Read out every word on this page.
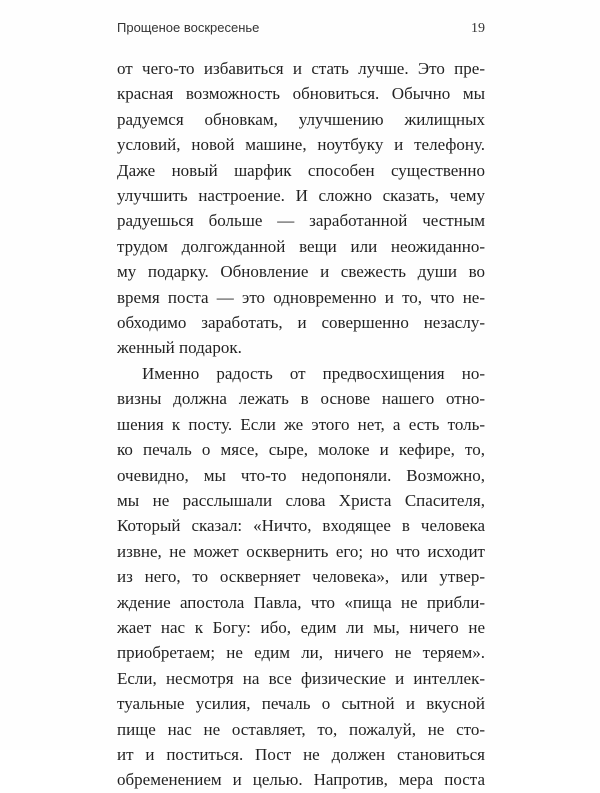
Прощеное воскресенье	19
от чего-то избавиться и стать лучше. Это пре-
красная возможность обновиться. Обычно мы
радуемся обновкам, улучшению жилищных
условий, новой машине, ноутбуку и телефону.
Даже новый шарфик способен существенно
улучшить настроение. И сложно сказать, чему
радуешься больше — заработанной честным
трудом долгожданной вещи или неожиданно-
му подарку. Обновление и свежесть души во
время поста — это одновременно и то, что не-
обходимо заработать, и совершенно незаслу-
женный подарок.
Именно радость от предвосхищения но-
визны должна лежать в основе нашего отно-
шения к посту. Если же этого нет, а есть толь-
ко печаль о мясе, сыре, молоке и кефире, то,
очевидно, мы что-то недопоняли. Возможно,
мы не расслышали слова Христа Спасителя,
Который сказал: «Ничто, входящее в человека
извне, не может осквернить его; но что исходит
из него, то оскверняет человека», или утвер-
ждение апостола Павла, что «пища не прибли-
жает нас к Богу: ибо, едим ли мы, ничего не
приобретаем; не едим ли, ничего не теряем».
Если, несмотря на все физические и интеллек-
туальные усилия, печаль о сытной и вкусной
пище нас не оставляет, то, пожалуй, не сто-
ит и поститься. Пост не должен становиться
обременением и целью. Напротив, мера поста
